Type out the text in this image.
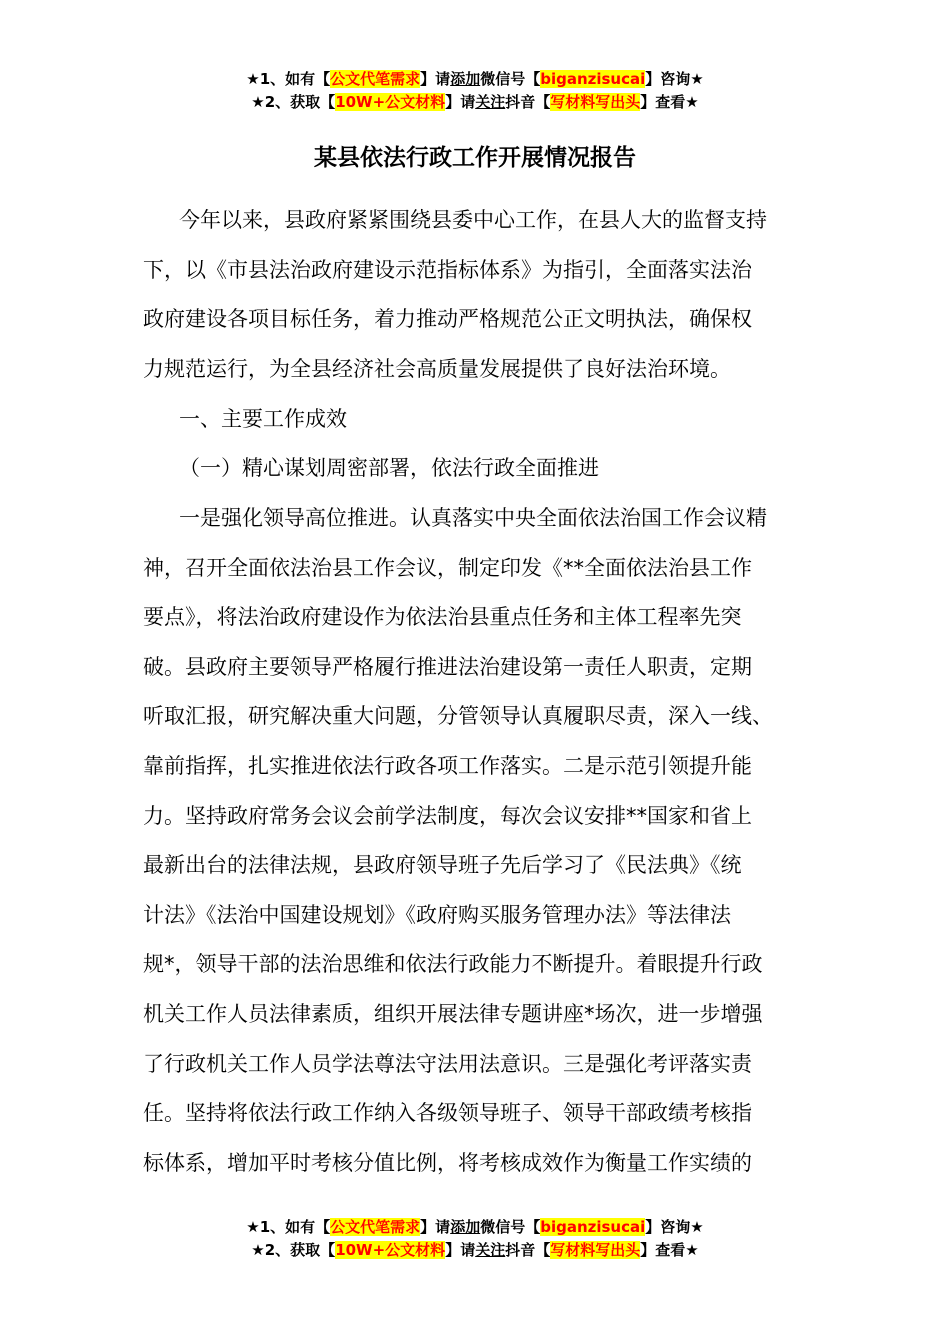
★1、如有【公文代笔需求】请添加微信号【biganzisucai】咨询★
★2、获取【10W+公文材料】请关注抖音【写材料写出头】查看★
某县依法行政工作开展情况报告
今年以来，县政府紧紧围绕县委中心工作，在县人大的监督支持
下，以《市县法治政府建设示范指标体系》为指引，全面落实法治
政府建设各项目标任务，着力推动严格规范公正文明执法，确保权
力规范运行，为全县经济社会高质量发展提供了良好法治环境。
一、主要工作成效
（一）精心谋划周密部署，依法行政全面推进
一是强化领导高位推进。认真落实中央全面依法治国工作会议精
神，召开全面依法治县工作会议，制定印发《**全面依法治县工作
要点》，将法治政府建设作为依法治县重点任务和主体工程率先突
破。县政府主要领导严格履行推进法治建设第一责任人职责，定期
听取汇报，研究解决重大问题，分管领导认真履职尽责，深入一线、
靠前指挥，扎实推进依法行政各项工作落实。二是示范引领提升能
力。坚持政府常务会议会前学法制度，每次会议安排**国家和省上
最新出台的法律法规，县政府领导班子先后学习了《民法典》《统
计法》《法治中国建设规划》《政府购买服务管理办法》等法律法
规*，领导干部的法治思维和依法行政能力不断提升。着眼提升行政
机关工作人员法律素质，组织开展法律专题讲座*场次，进一步增强
了行政机关工作人员学法尊法守法用法意识。三是强化考评落实责
任。坚持将依法行政工作纳入各级领导班子、领导干部政绩考核指
标体系，增加平时考核分值比例，将考核成效作为衡量工作实绩的
★1、如有【公文代笔需求】请添加微信号【biganzisucai】咨询★
★2、获取【10W+公文材料】请关注抖音【写材料写出头】查看★
